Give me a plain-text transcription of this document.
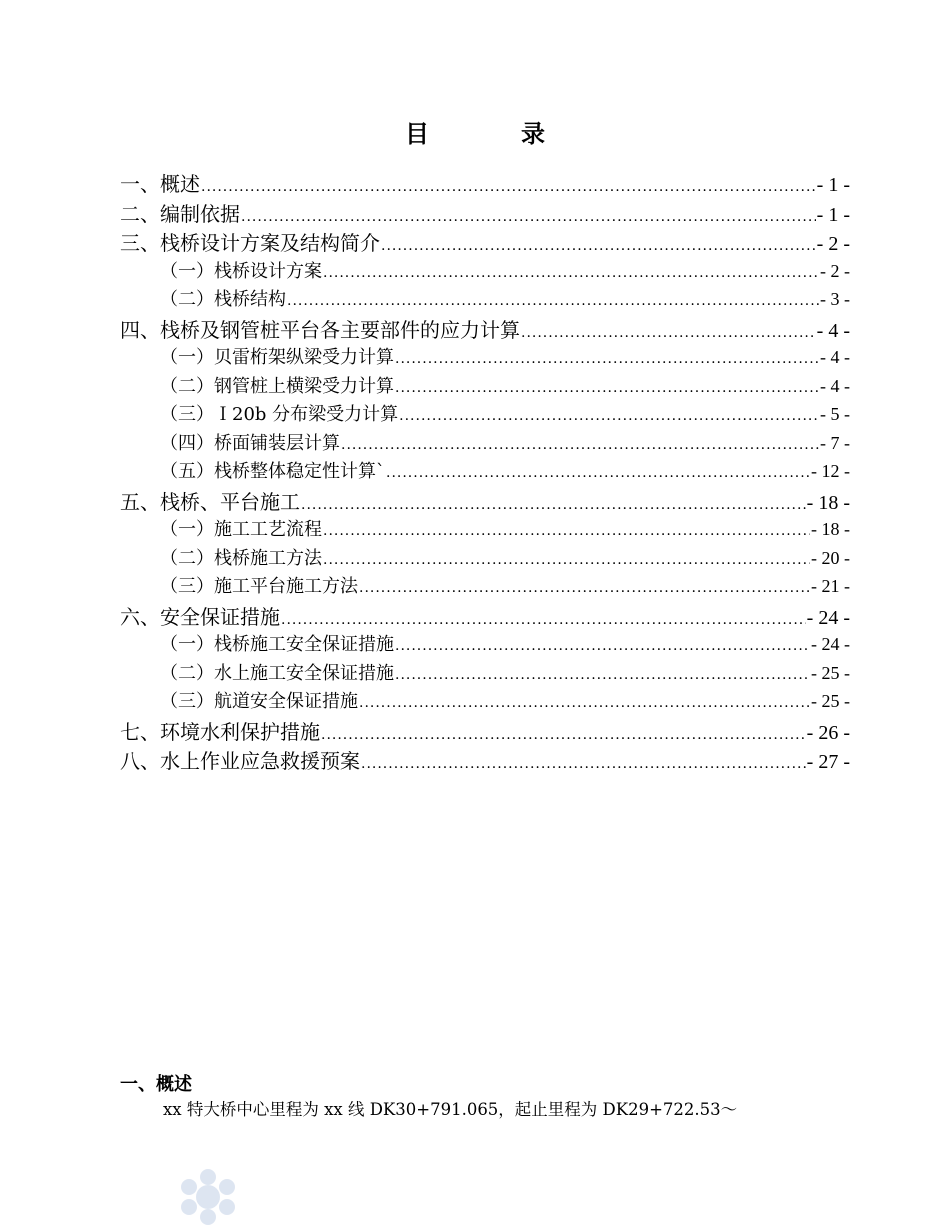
目　录
一、概述 .....	- 1 -
二、编制依据 .....	- 1 -
三、栈桥设计方案及结构简介 .....	- 2 -
（一）栈桥设计方案 .....	- 2 -
（二）栈桥结构 .....	- 3 -
四、栈桥及钢管桩平台各主要部件的应力计算 .....	- 4 -
（一）贝雷桁架纵梁受力计算 .....	- 4 -
（二）钢管桩上横梁受力计算 .....	- 4 -
（三）Ｉ20b 分布梁受力计算 .....	- 5 -
（四）桥面铺装层计算 .....	- 7 -
（五）栈桥整体稳定性计算` .....	- 12 -
五、栈桥、平台施工 .....	- 18 -
（一）施工工艺流程 .....	- 18 -
（二）栈桥施工方法 .....	- 20 -
（三）施工平台施工方法 .....	- 21 -
六、安全保证措施 .....	- 24 -
（一）栈桥施工安全保证措施 .....	- 24 -
（二）水上施工安全保证措施 .....	- 25 -
（三）航道安全保证措施 .....	- 25 -
七、环境水利保护措施 .....	- 26 -
八、水上作业应急救援预案 .....	- 27 -
一、概述
xx 特大桥中心里程为 xx 线 DK30+791.065，起止里程为 DK29+722.53～
